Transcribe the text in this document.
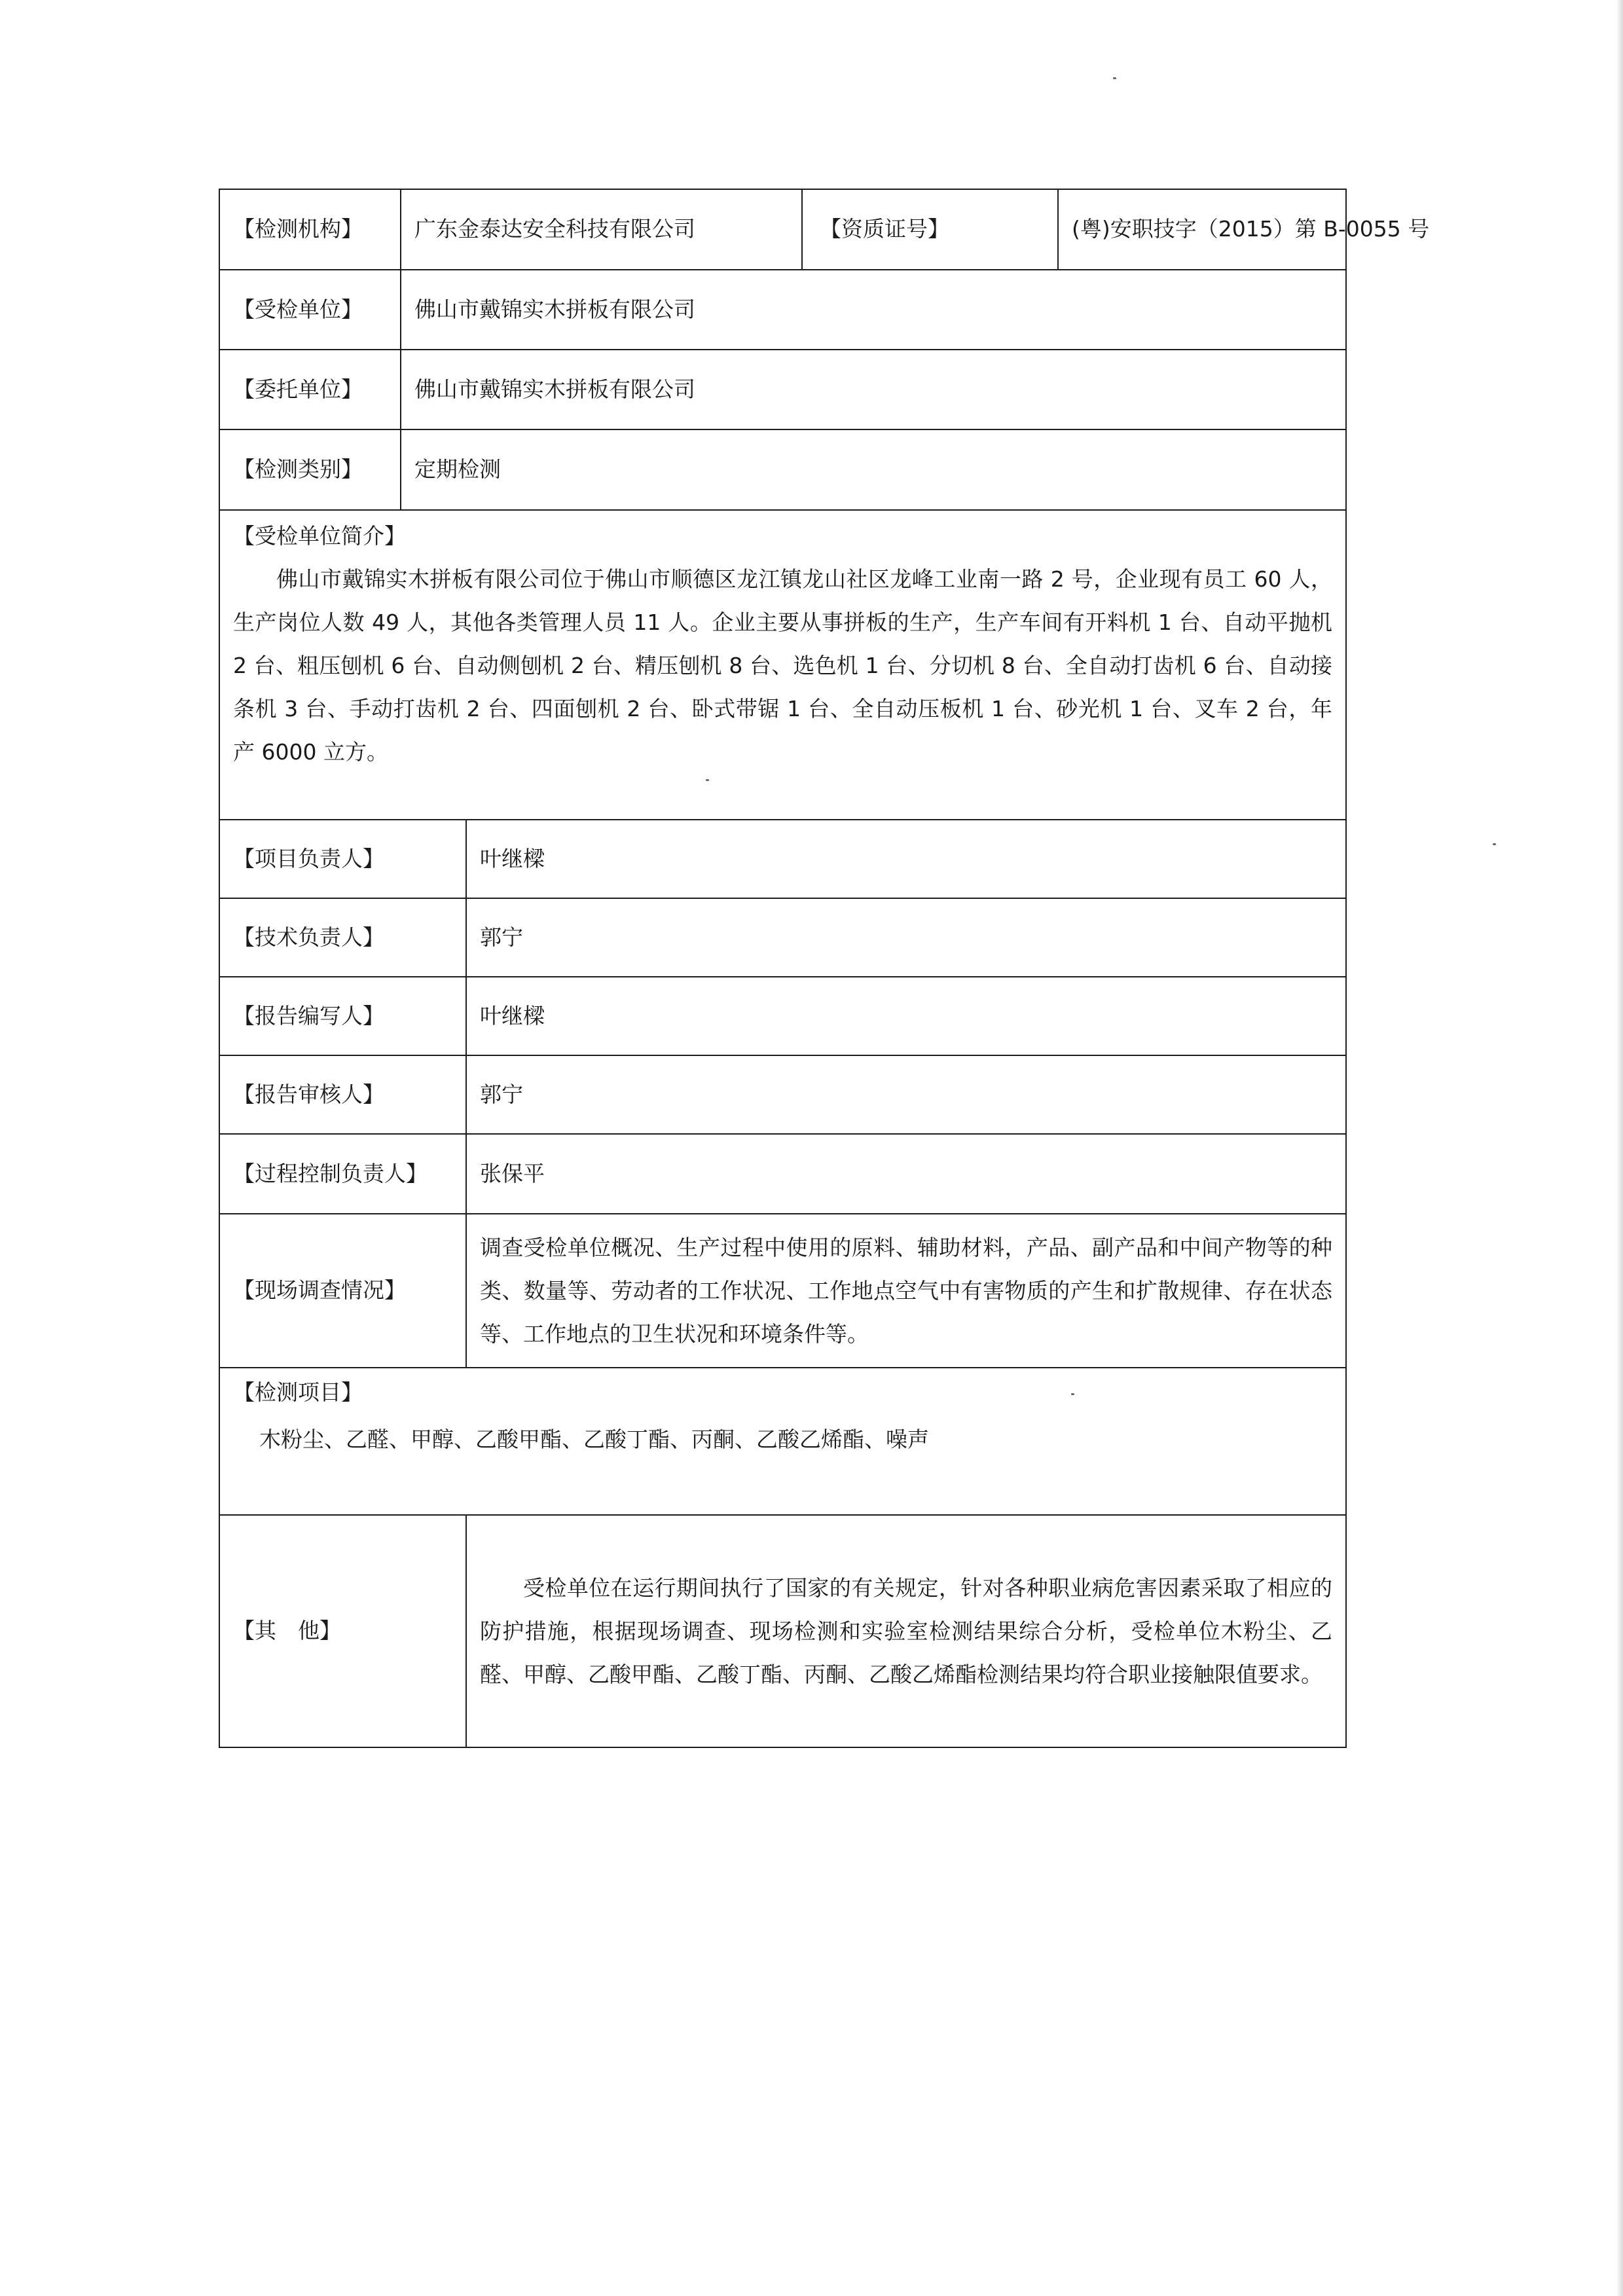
【检测机构】	广东金泰达安全科技有限公司		【资质证号】	(粤)安职技字（2015）第 B-0055 号
【受检单位】	佛山市戴锦实木拼板有限公司			
【委托单位】	佛山市戴锦实木拼板有限公司			
【检测类别】	定期检测			

【受检单位简介】
佛山市戴锦实木拼板有限公司位于佛山市顺德区龙江镇龙山社区龙峰工业南一路 2 号，企业现有员工 60 人，生产岗位人数 49 人，其他各类管理人员 11 人。企业主要从事拼板的生产，生产车间有开料机 1 台、自动平抛机 2 台、粗压刨机 6 台、自动侧刨机 2 台、精压刨机 8 台、选色机 1 台、分切机 8 台、全自动打齿机 6 台、自动接条机 3 台、手动打齿机 2 台、四面刨机 2 台、卧式带锯 1 台、全自动压板机 1 台、砂光机 1 台、叉车 2 台，年产 6000 立方。				

【项目负责人】		叶继樑		
【技术负责人】		郭宁		
【报告编写人】		叶继樑		
【报告审核人】		郭宁		
【过程控制负责人】		张保平		
【现场调查情况】		调查受检单位概况、生产过程中使用的原料、辅助材料，产品、副产品和中间产物等的种类、数量等、劳动者的工作状况、工作地点空气中有害物质的产生和扩散规律、存在状态等、工作地点的卫生状况和环境条件等。		

【检测项目】
木粉尘、乙醛、甲醇、乙酸甲酯、乙酸丁酯、丙酮、乙酸乙烯酯、噪声				

【其　他】		受检单位在运行期间执行了国家的有关规定，针对各种职业病危害因素采取了相应的防护措施，根据现场调查、现场检测和实验室检测结果综合分析，受检单位木粉尘、乙醛、甲醇、乙酸甲酯、乙酸丁酯、丙酮、乙酸乙烯酯检测结果均符合职业接触限值要求。		
